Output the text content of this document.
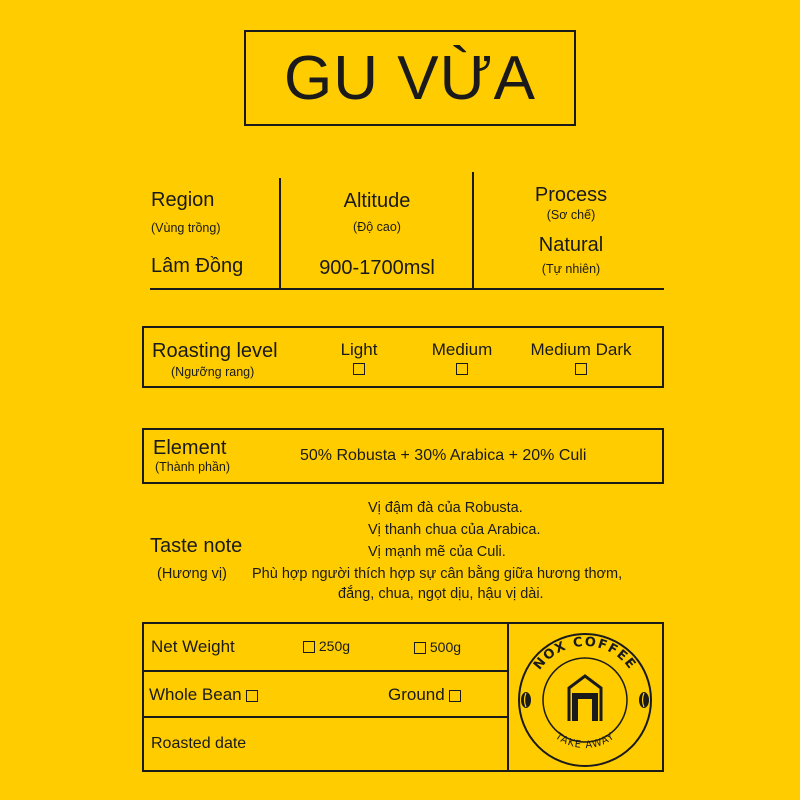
GU VỪA
Region
(Vùng trồng)
Lâm Đồng
Altitude
(Độ cao)
900-1700msl
Process
(Sơ chế)
Natural
(Tự nhiên)
Roasting level
(Ngưỡng rang)
Light	Medium	Medium Dark
Element
(Thành phần)
50% Robusta + 30% Arabica + 20% Culi
Vị đậm đà của Robusta.
Vị thanh chua của Arabica.
Vị mạnh mẽ của Culi.
Taste note
(Hương vị) Phù hợp người thích hợp sự cân bằng giữa hương thơm,
đắng, chua, ngọt dịu, hậu vị dài.
Net Weight	250g	500g
Whole Bean	Ground
Roasted date
NOX COFFEE
TAKE AWAY
